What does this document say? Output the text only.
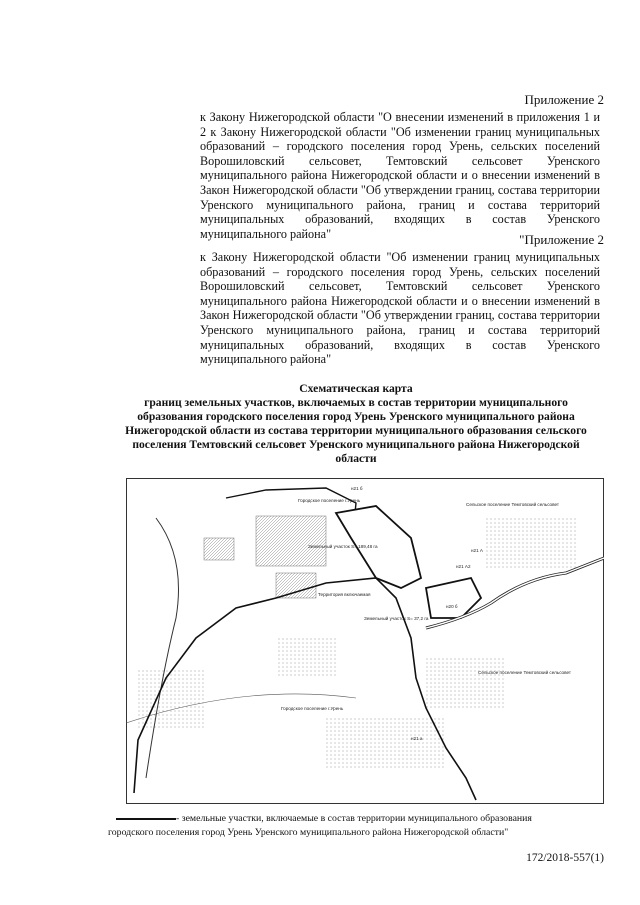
Приложение 2
к Закону Нижегородской области "О внесении изменений в приложения 1 и 2 к Закону Нижегородской области "Об изменении границ муниципальных образований – городского поселения город Урень, сельских поселений Ворошиловский сельсовет, Темтовский сельсовет Уренского муниципального района Нижегородской области и о внесении изменений в Закон Нижегородской области "Об утверждении границ, состава территории Уренского муниципального района, границ и состава территорий муниципальных образований, входящих в состав Уренского муниципального района"	"Приложение 2
к Закону Нижегородской области "Об изменении границ муниципальных образований – городского поселения город Урень, сельских поселений Ворошиловский сельсовет, Темтовский сельсовет Уренского муниципального района Нижегородской области и о внесении изменений в Закон Нижегородской области "Об утверждении границ, состава территории Уренского муниципального района, границ и состава территорий муниципальных образований, входящих в состав Уренского муниципального района"
Схематическая карта
границ земельных участков, включаемых в состав территории муниципального
образования городского поселения город Урень Уренского муниципального района
Нижегородской области из состава территории муниципального образования сельского
поселения Темтовский сельсовет Уренского муниципального района Нижегородской
области
Городское поселение г.Урень
Сельское поселение Темтовский сельсовет
Земельный участок S= 189,48 га
Территория включаемая
Земельный участок S= 37,2 га
Сельское поселение Темтовский сельсовет
Городское поселение г.Урень
н21 б
н21 А2
н21 А
н20 б
н21 а
- земельные участки, включаемые в состав территории муниципального образования
городского поселения город Урень Уренского муниципального района Нижегородской области"
172/2018-557(1)
